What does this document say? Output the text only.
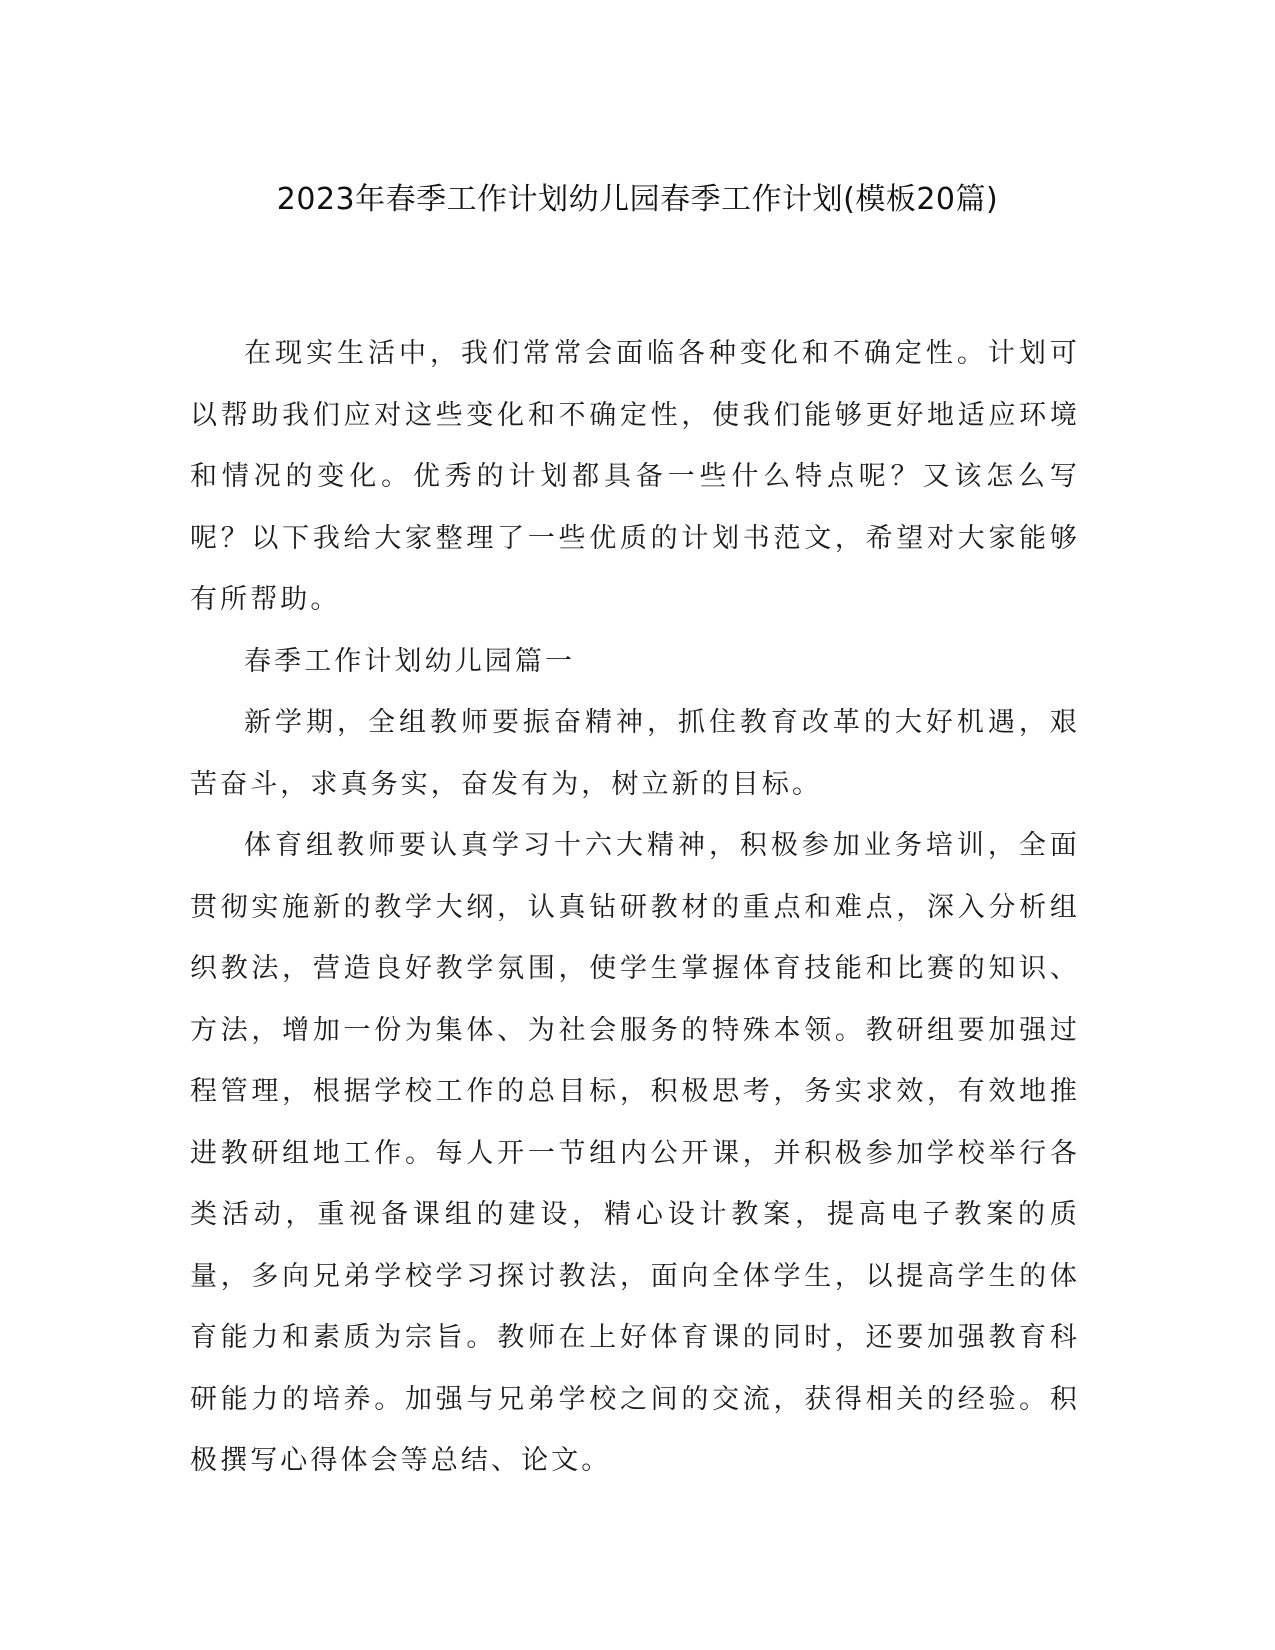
2023年春季工作计划幼儿园春季工作计划(模板20篇)

在现实生活中，我们常常会面临各种变化和不确定性。计划可以帮助我们应对这些变化和不确定性，使我们能够更好地适应环境和情况的变化。优秀的计划都具备一些什么特点呢？又该怎么写呢？以下我给大家整理了一些优质的计划书范文，希望对大家能够有所帮助。

春季工作计划幼儿园篇一

新学期，全组教师要振奋精神，抓住教育改革的大好机遇，艰苦奋斗，求真务实，奋发有为，树立新的目标。

体育组教师要认真学习十六大精神，积极参加业务培训，全面贯彻实施新的教学大纲，认真钻研教材的重点和难点，深入分析组织教法，营造良好教学氛围，使学生掌握体育技能和比赛的知识、方法，增加一份为集体、为社会服务的特殊本领。教研组要加强过程管理，根据学校工作的总目标，积极思考，务实求效，有效地推进教研组地工作。每人开一节组内公开课，并积极参加学校举行各类活动，重视备课组的建设，精心设计教案，提高电子教案的质量，多向兄弟学校学习探讨教法，面向全体学生，以提高学生的体育能力和素质为宗旨。教师在上好体育课的同时，还要加强教育科研能力的培养。加强与兄弟学校之间的交流，获得相关的经验。积极撰写心得体会等总结、论文。
